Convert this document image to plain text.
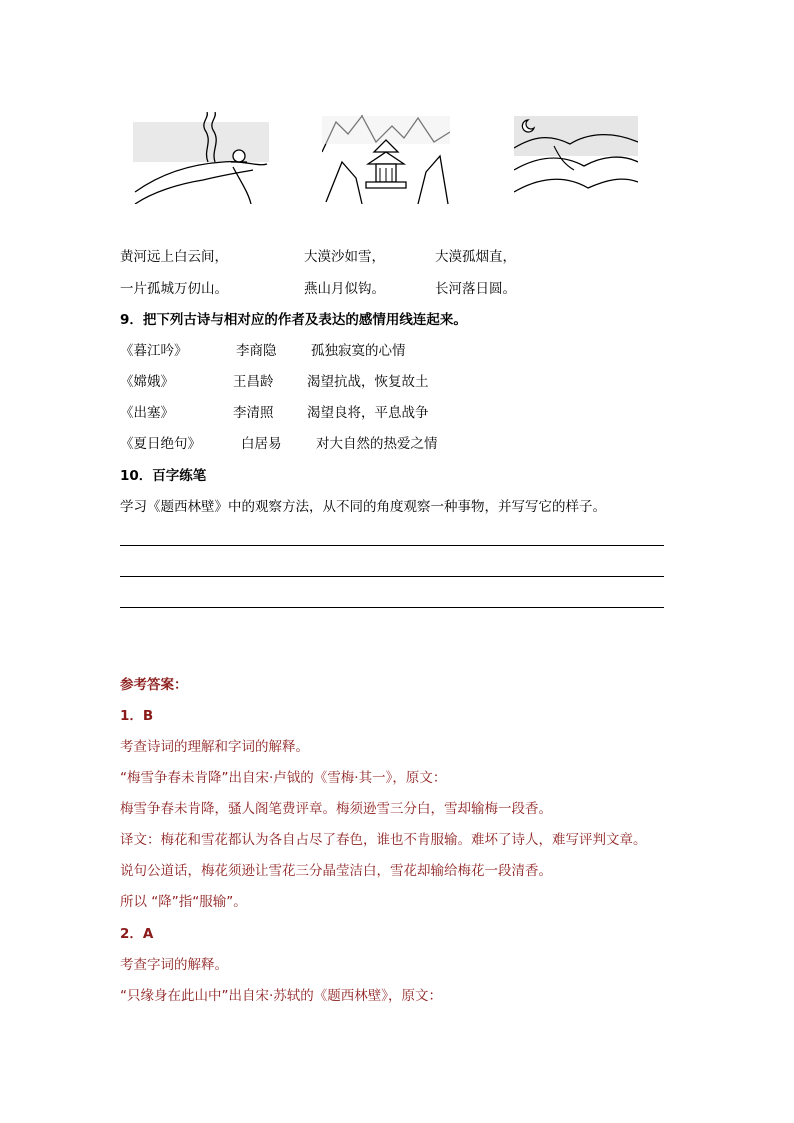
黄河远上白云间，	大漠沙如雪，	大漠孤烟直，
一片孤城万仞山。	燕山月似钩。	长河落日圆。
9．把下列古诗与相对应的作者及表达的感情用线连起来。
《暮江吟》	李商隐	孤独寂寞的心情
《嫦娥》	王昌龄 渴望抗战，恢复故土
《出塞》	李清照 渴望良将，平息战争
《夏日绝句》	白居易	对大自然的热爱之情
10．百字练笔
学习《题西林壁》中的观察方法，从不同的角度观察一种事物，并写写它的样子。
参考答案：
1．B
考查诗词的理解和字词的解释。
“梅雪争春未肯降”出自宋·卢钺的《雪梅·其一》，原文：
梅雪争春未肯降，骚人阁笔费评章。梅须逊雪三分白，雪却输梅一段香。
译文：梅花和雪花都认为各自占尽了春色，谁也不肯服输。难坏了诗人，难写评判文章。
说句公道话，梅花须逊让雪花三分晶莹洁白，雪花却输给梅花一段清香。
所以 “降”指“服输”。
2．A
考查字词的解释。
“只缘身在此山中”出自宋·苏轼的《题西林壁》，原文：
